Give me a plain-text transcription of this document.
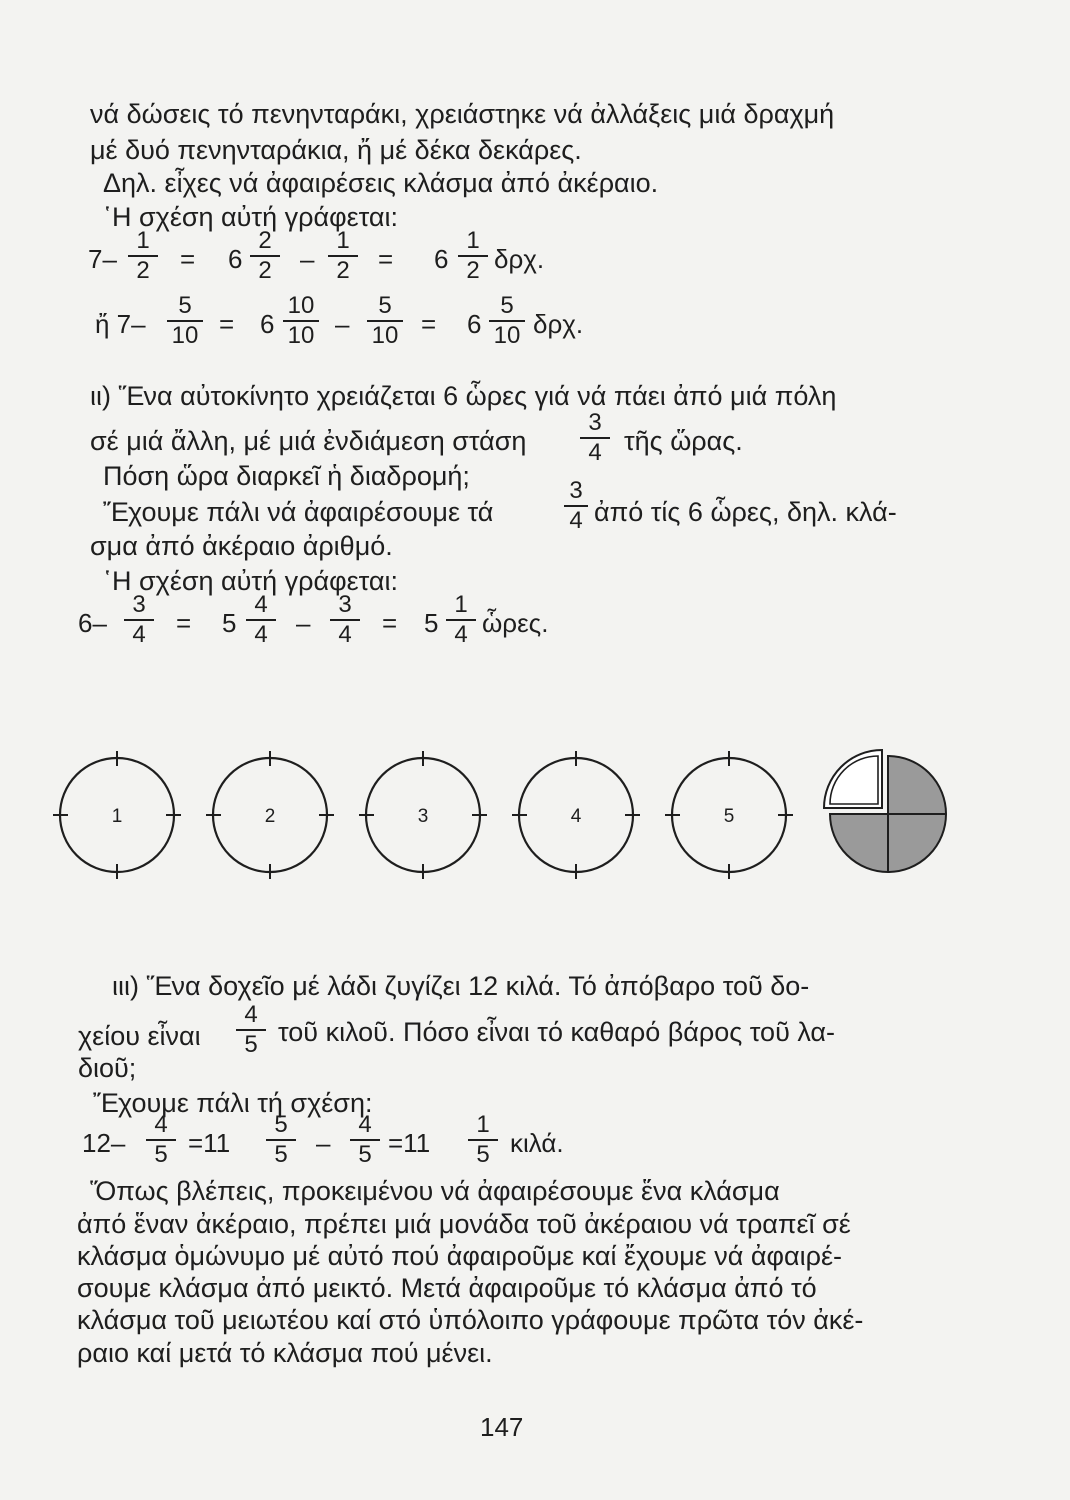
νά δώσεις τό πενηνταράκι, χρειάστηκε νά ἀλλάξεις μιά δραχμή
μέ δυό πενηνταράκια, ἤ μέ δέκα δεκάρες.
Δηλ. εἶχες νά ἀφαιρέσεις κλάσμα ἀπό ἀκέραιο.
῾Η σχέση αὐτή γράφεται:
7–
1
2	= 6
2
2	–
1
2	= 6
1
2 δρχ.
ἤ 7–
5
10 = 6
10
10 –
5
10 = 6
5
10 δρχ.
ιι) Ἕνα αὐτοκίνητο χρειάζεται 6 ὧρες γιά νά πάει ἀπό μιά πόλη
σέ μιά ἄλλη, μέ μιά ἐνδιάμεση στάση
3
4 τῆς ὥρας.
Πόση ὥρα διαρκεῖ ἡ διαδρομή;
Ἔχουμε πάλι νά ἀφαιρέσουμε τά
3
4 ἀπό τίς 6 ὧρες, δηλ. κλά-
σμα ἀπό ἀκέραιο ἀριθμό.
῾Η σχέση αὐτή γράφεται:
6–
3
4	= 5
4
4	–
3
4	= 5
1
4 ὧρες.
1	2	3	4	5
ιιι) Ἕνα δοχεῖο μέ λάδι ζυγίζει 12 κιλά. Τό ἀπόβαρο τοῦ δο-
χείου εἶναι
4
5 τοῦ κιλοῦ. Πόσο εἶναι τό καθαρό βάρος τοῦ λα-
διοῦ;
Ἔχουμε πάλι τή σχέση:
12–
4
5 =11
5
5	–
4
5 =11
1
5 κιλά.
Ὅπως βλέπεις, προκειμένου νά ἀφαιρέσουμε ἕνα κλάσμα
ἀπό ἕναν ἀκέραιο, πρέπει μιά μονάδα τοῦ ἀκέραιου νά τραπεῖ σέ
κλάσμα ὁμώνυμο μέ αὐτό πού ἀφαιροῦμε καί ἔχουμε νά ἀφαιρέ-
σουμε κλάσμα ἀπό μεικτό. Μετά ἀφαιροῦμε τό κλάσμα ἀπό τό
κλάσμα τοῦ μειωτέου καί στό ὑπόλοιπο γράφουμε πρῶτα τόν ἀκέ-
ραιο καί μετά τό κλάσμα πού μένει.
147
